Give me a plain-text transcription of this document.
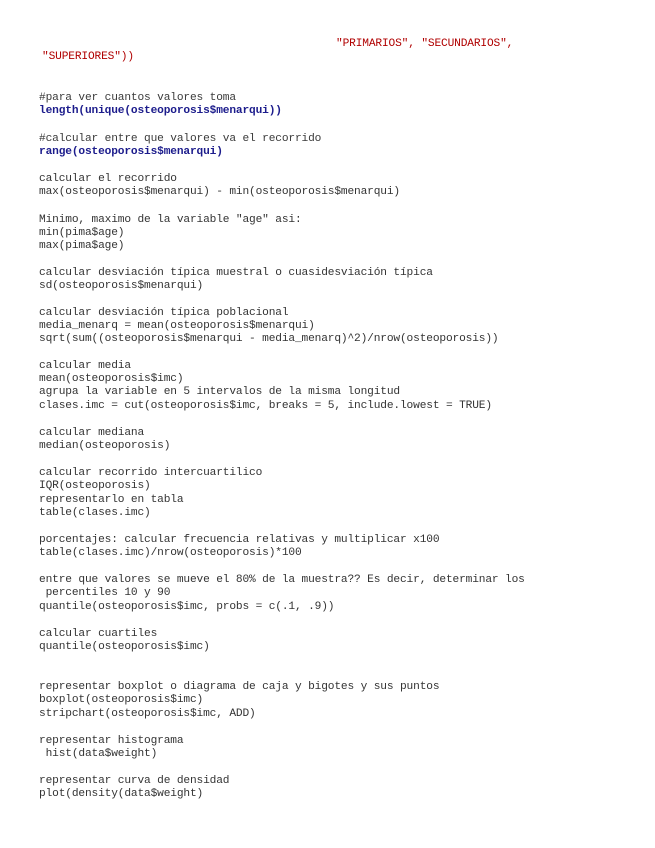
"PRIMARIOS", "SECUNDARIOS",
"SUPERIORES"))
#para ver cuantos valores toma
length(unique(osteoporosis$menarqui))
#calcular entre que valores va el recorrido
range(osteoporosis$menarqui)
calcular el recorrido
max(osteoporosis$menarqui) - min(osteoporosis$menarqui)
Minimo, maximo de la variable "age" asi:
min(pima$age)
max(pima$age)
calcular desviación típica muestral o cuasidesviación típica
sd(osteoporosis$menarqui)
calcular desviación típica poblacional
media_menarq = mean(osteoporosis$menarqui)
sqrt(sum((osteoporosis$menarqui - media_menarq)^2)/nrow(osteoporosis))
calcular media
mean(osteoporosis$imc)
agrupa la variable en 5 intervalos de la misma longitud
clases.imc = cut(osteoporosis$imc, breaks = 5, include.lowest = TRUE)
calcular mediana
median(osteoporosis)
calcular recorrido intercuartilico
IQR(osteoporosis)
representarlo en tabla
table(clases.imc)
porcentajes: calcular frecuencia relativas y multiplicar x100
table(clases.imc)/nrow(osteoporosis)*100
entre que valores se mueve el 80% de la muestra?? Es decir, determinar los
percentiles 10 y 90
quantile(osteoporosis$imc, probs = c(.1, .9))
calcular cuartiles
quantile(osteoporosis$imc)
representar boxplot o diagrama de caja y bigotes y sus puntos
boxplot(osteoporosis$imc)
stripchart(osteoporosis$imc, ADD)
representar histograma
hist(data$weight)
representar curva de densidad
plot(density(data$weight)
